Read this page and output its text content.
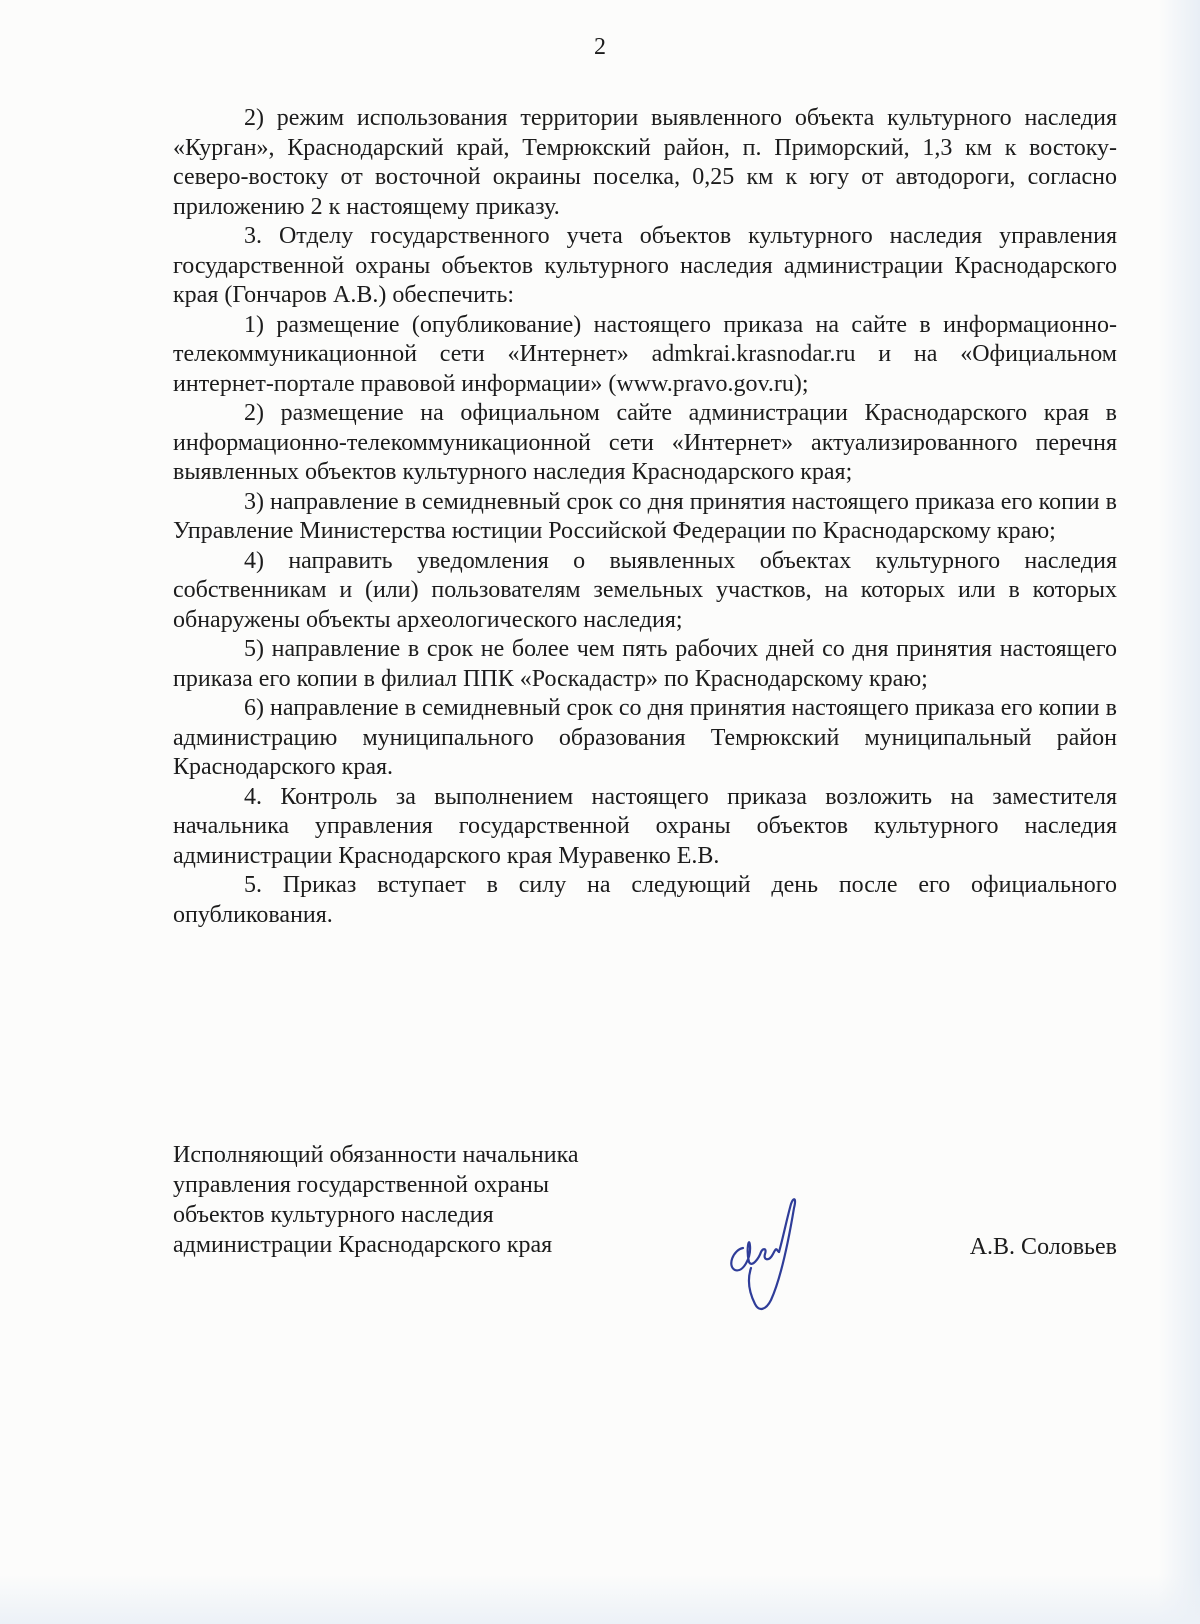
2

2) режим использования территории выявленного объекта культурного наследия «Курган», Краснодарский край, Темрюкский район, п. Приморский, 1,3 км к востоку-северо-востоку от восточной окраины поселка, 0,25 км к югу от автодороги, согласно приложению 2 к настоящему приказу.

3. Отделу государственного учета объектов культурного наследия управления государственной охраны объектов культурного наследия администрации Краснодарского края (Гончаров А.В.) обеспечить:

1) размещение (опубликование) настоящего приказа на сайте в информационно-телекоммуникационной сети «Интернет» admkrai.krasnodar.ru и на «Официальном интернет-портале правовой информации» (www.pravo.gov.ru);

2) размещение на официальном сайте администрации Краснодарского края в информационно-телекоммуникационной сети «Интернет» актуализированного перечня выявленных объектов культурного наследия Краснодарского края;

3) направление в семидневный срок со дня принятия настоящего приказа его копии в Управление Министерства юстиции Российской Федерации по Краснодарскому краю;

4) направить уведомления о выявленных объектах культурного наследия собственникам и (или) пользователям земельных участков, на которых или в которых обнаружены объекты археологического наследия;

5) направление в срок не более чем пять рабочих дней со дня принятия настоящего приказа его копии в филиал ППК «Роскадастр» по Краснодарскому краю;

6) направление в семидневный срок со дня принятия настоящего приказа его копии в администрацию муниципального образования Темрюкский муниципальный район Краснодарского края.

4. Контроль за выполнением настоящего приказа возложить на заместителя начальника управления государственной охраны объектов культурного наследия администрации Краснодарского края Муравенко Е.В.

5. Приказ вступает в силу на следующий день после его официального опубликования.

Исполняющий обязанности начальника
управления государственной охраны
объектов культурного наследия
администрации Краснодарского края	А.В. Соловьев
